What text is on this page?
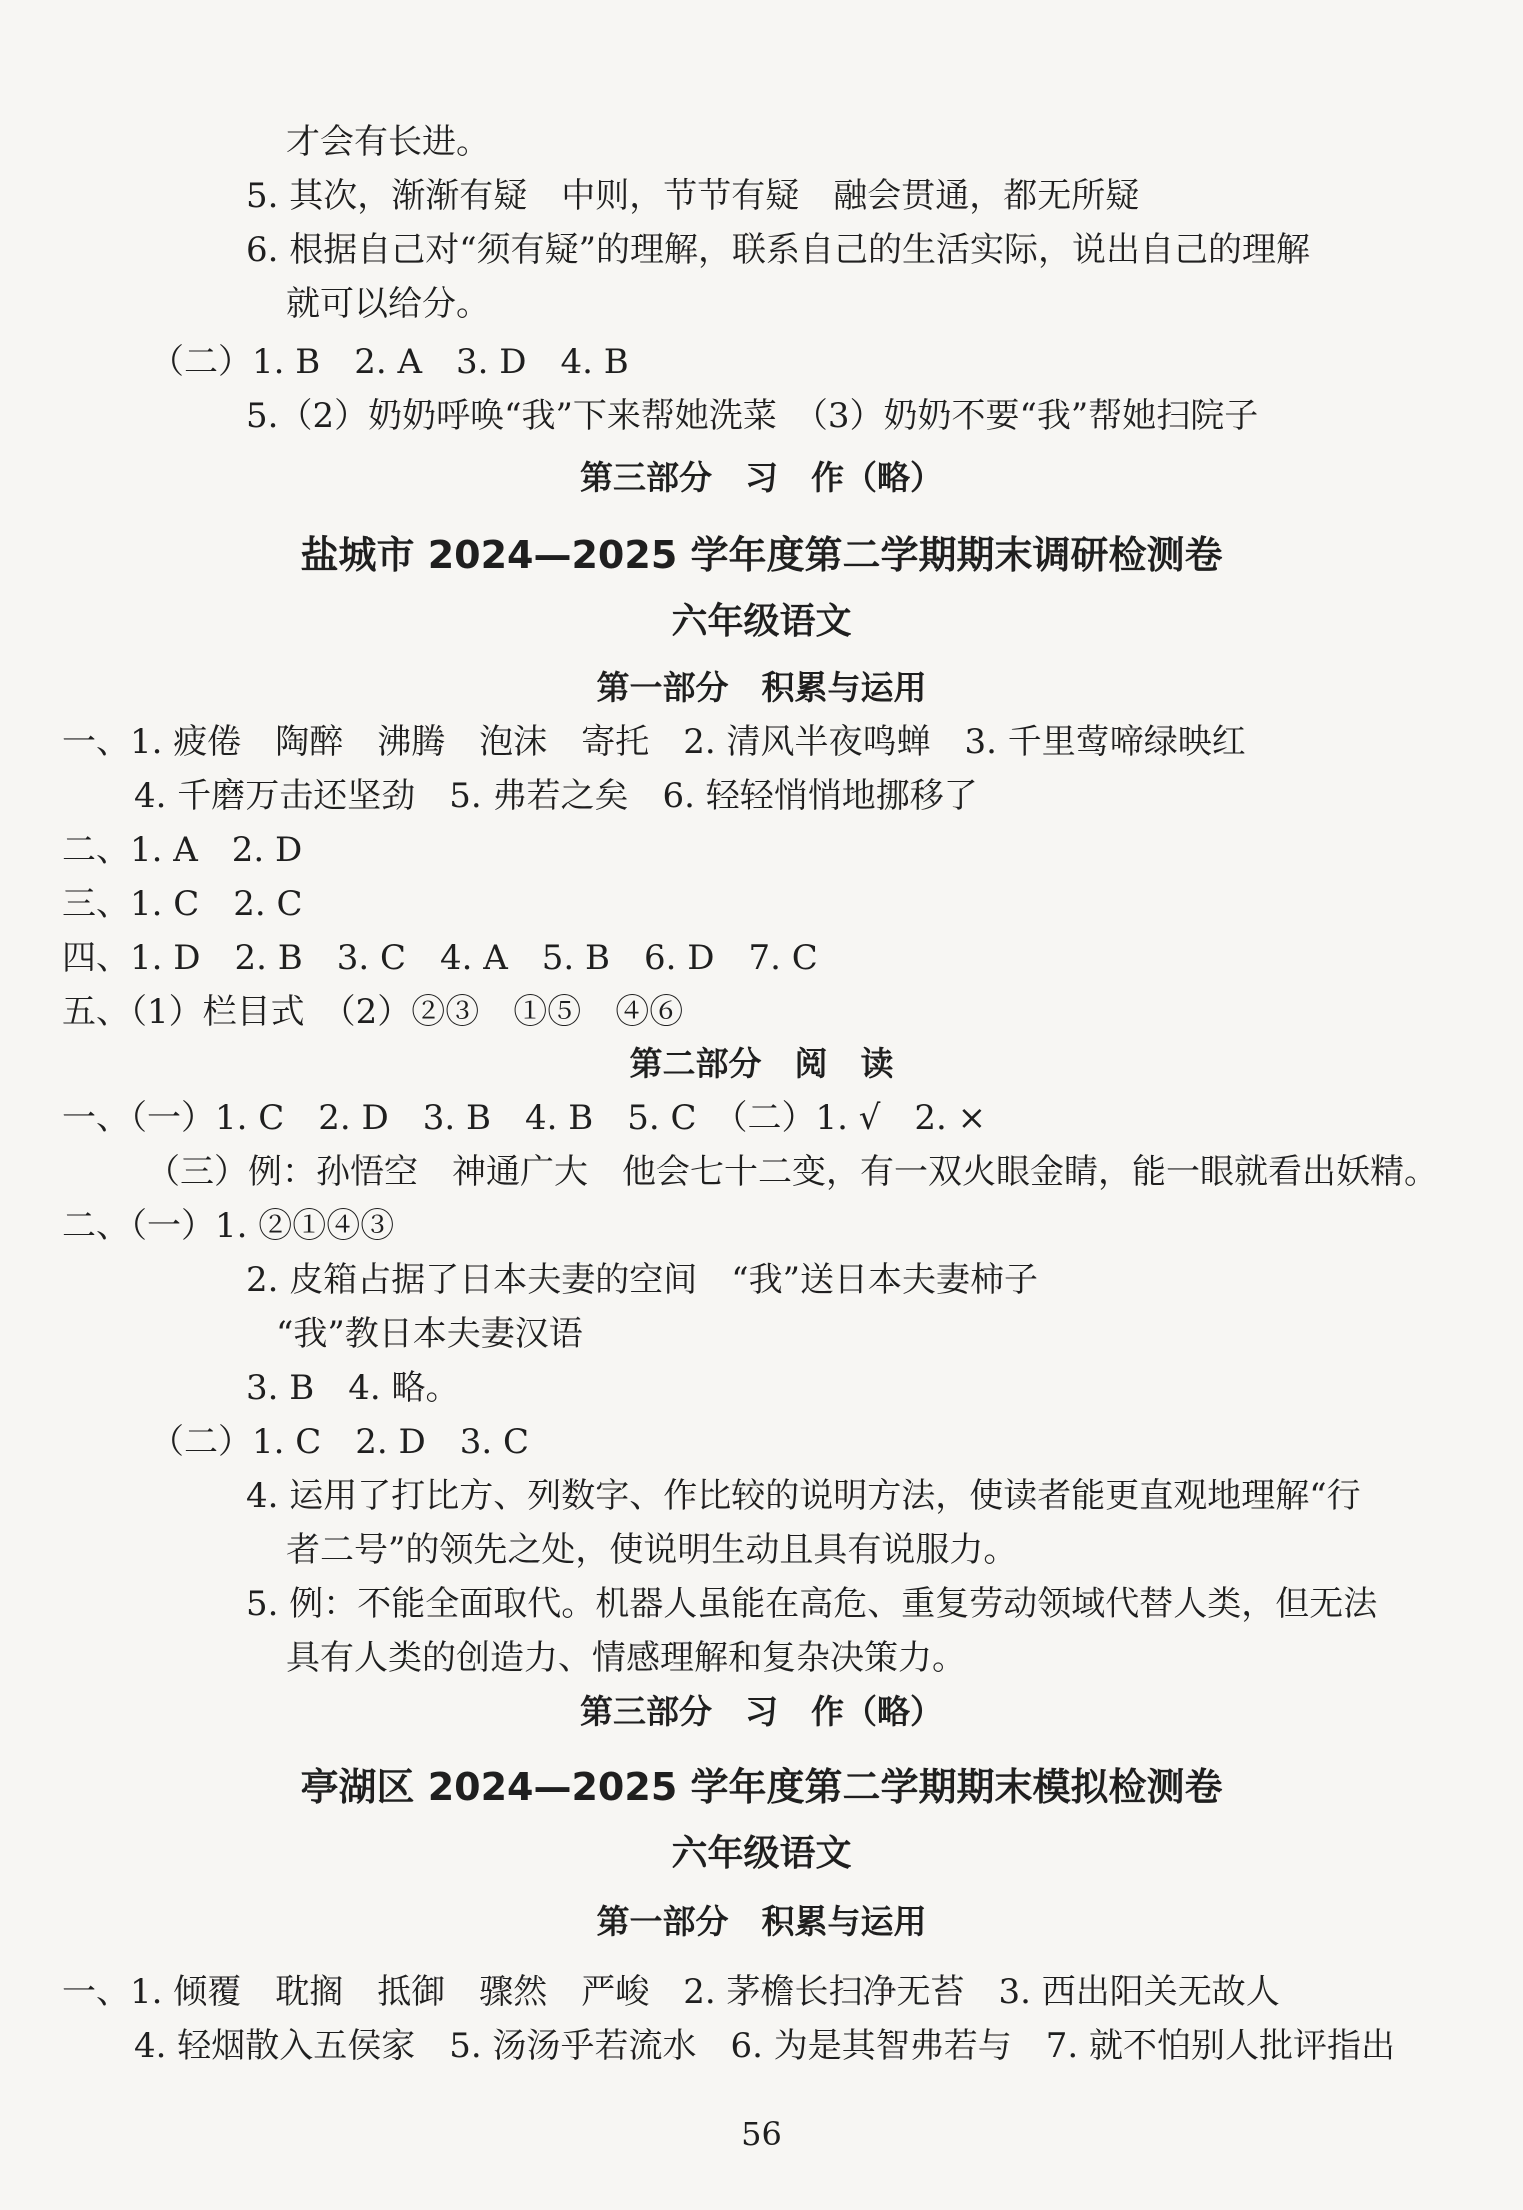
才会有长进。
5. 其次，渐渐有疑　中则，节节有疑　融会贯通，都无所疑
6. 根据自己对“须有疑”的理解，联系自己的生活实际，说出自己的理解
就可以给分。
（二）1. B　2. A　3. D　4. B
5.（2）奶奶呼唤“我”下来帮她洗菜　（3）奶奶不要“我”帮她扫院子
第三部分　习　作（略）
盐城市 2024—2025 学年度第二学期期末调研检测卷
六年级语文
第一部分　积累与运用
一、1. 疲倦　陶醉　沸腾　泡沫　寄托　2. 清风半夜鸣蝉　3. 千里莺啼绿映红
4. 千磨万击还坚劲　5. 弗若之矣　6. 轻轻悄悄地挪移了
二、1. A　2. D
三、1. C　2. C
四、1. D　2. B　3. C　4. A　5. B　6. D　7. C
五、（1）栏目式　（2）②③　①⑤　④⑥
第二部分　阅　读
一、（一）1. C　2. D　3. B　4. B　5. C　（二）1. √　2. ×
（三）例：孙悟空　神通广大　他会七十二变，有一双火眼金睛，能一眼就看出妖精。
二、（一）1. ②①④③
2. 皮箱占据了日本夫妻的空间　“我”送日本夫妻柿子
“我”教日本夫妻汉语
3. B　4. 略。
（二）1. C　2. D　3. C
4. 运用了打比方、列数字、作比较的说明方法，使读者能更直观地理解“行
者二号”的领先之处，使说明生动且具有说服力。
5. 例：不能全面取代。机器人虽能在高危、重复劳动领域代替人类，但无法
具有人类的创造力、情感理解和复杂决策力。
第三部分　习　作（略）
亭湖区 2024—2025 学年度第二学期期末模拟检测卷
六年级语文
第一部分　积累与运用
一、1. 倾覆　耽搁　抵御　骤然　严峻　2. 茅檐长扫净无苔　3. 西出阳关无故人
4. 轻烟散入五侯家　5. 汤汤乎若流水　6. 为是其智弗若与　7. 就不怕别人批评指出
56
